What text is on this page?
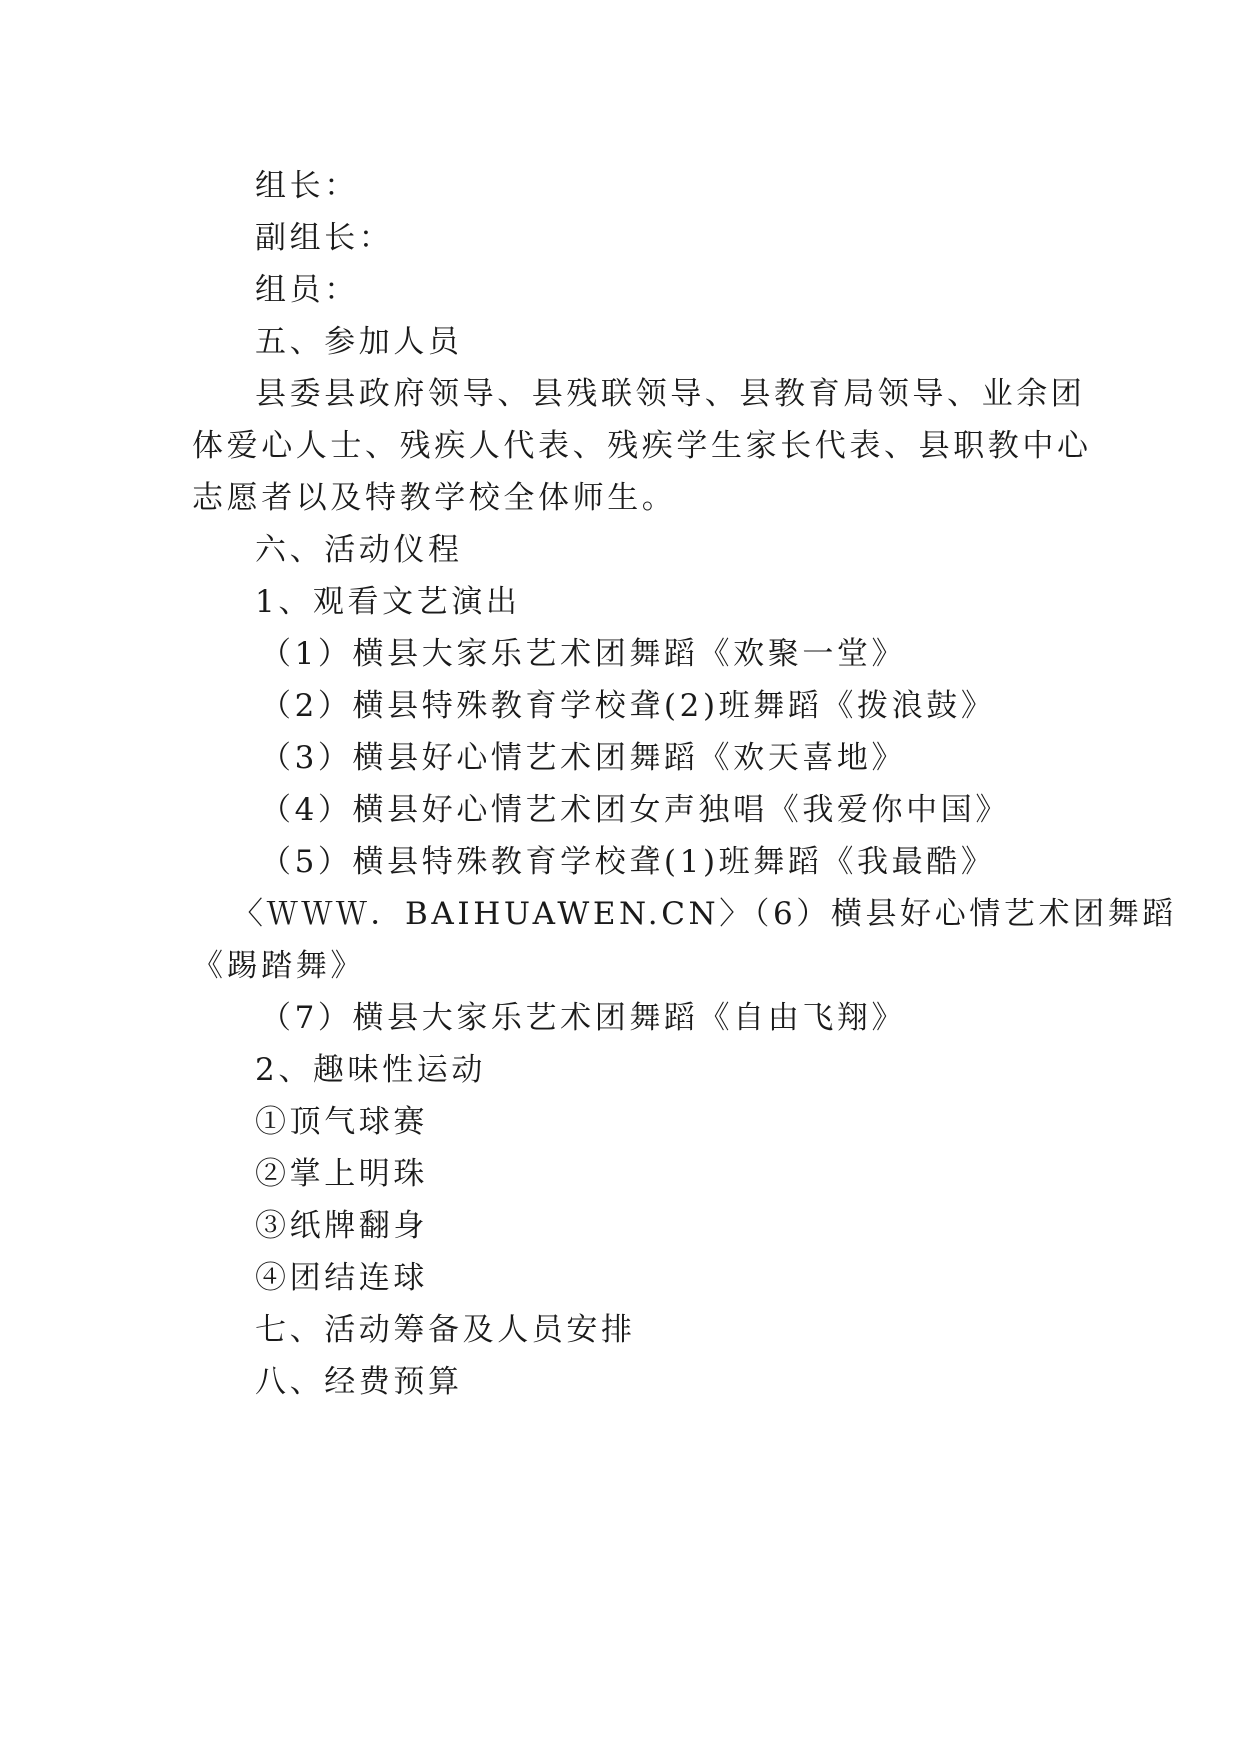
组长：
副组长：
组员：
五、参加人员
县委县政府领导、县残联领导、县教育局领导、业余团
体爱心人士、残疾人代表、残疾学生家长代表、县职教中心
志愿者以及特教学校全体师生。
六、活动仪程
1、观看文艺演出
（1）横县大家乐艺术团舞蹈《欢聚一堂》
（2）横县特殊教育学校聋(2)班舞蹈《拨浪鼓》
（3）横县好心情艺术团舞蹈《欢天喜地》
（4）横县好心情艺术团女声独唱《我爱你中国》
（5）横县特殊教育学校聋(1)班舞蹈《我最酷》
〈ＷＷＷ．BAIHUAWEN.CN〉（6）横县好心情艺术团舞蹈
《踢踏舞》
（7）横县大家乐艺术团舞蹈《自由飞翔》
2、趣味性运动
①顶气球赛
②掌上明珠
③纸牌翻身
④团结连球
七、活动筹备及人员安排
八、经费预算
